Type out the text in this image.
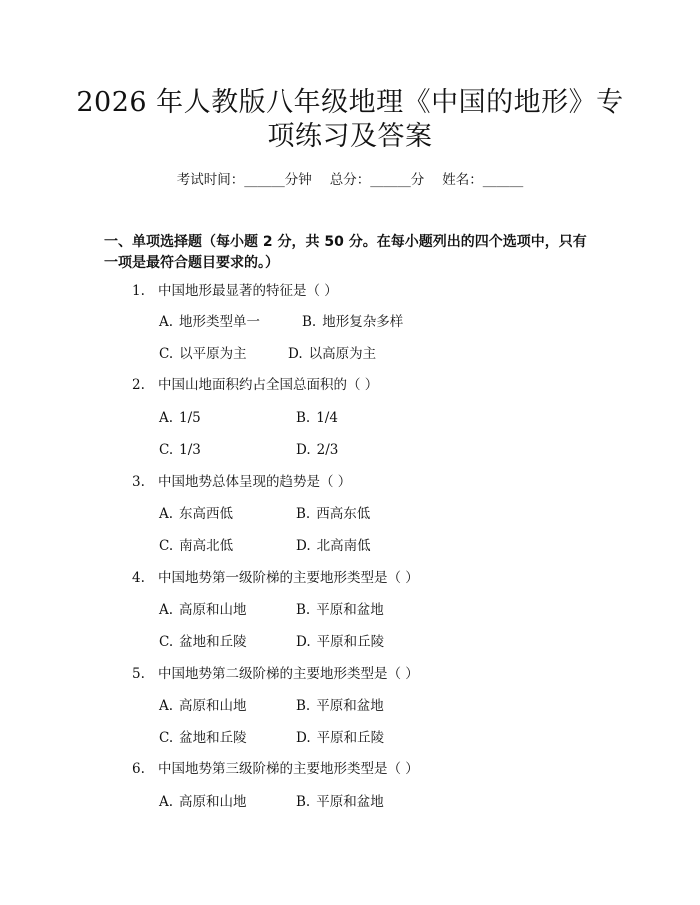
2026 年人教版八年级地理《中国的地形》专
项练习及答案
考试时间：______分钟 总分：______分 姓名：______
一、单项选择题（每小题 2 分，共 50 分。在每小题列出的四个选项中，只有一项是最符合题目要求的。）
1. 中国地形最显著的特征是（ ）
A. 地形类型单一	B. 地形复杂多样
C. 以平原为主	D. 以高原为主
2. 中国山地面积约占全国总面积的（ ）
A. 1/5	B. 1/4
C. 1/3	D. 2/3
3. 中国地势总体呈现的趋势是（ ）
A. 东高西低	B. 西高东低
C. 南高北低	D. 北高南低
4. 中国地势第一级阶梯的主要地形类型是（ ）
A. 高原和山地	B. 平原和盆地
C. 盆地和丘陵	D. 平原和丘陵
5. 中国地势第二级阶梯的主要地形类型是（ ）
A. 高原和山地	B. 平原和盆地
C. 盆地和丘陵	D. 平原和丘陵
6. 中国地势第三级阶梯的主要地形类型是（ ）
A. 高原和山地	B. 平原和盆地
